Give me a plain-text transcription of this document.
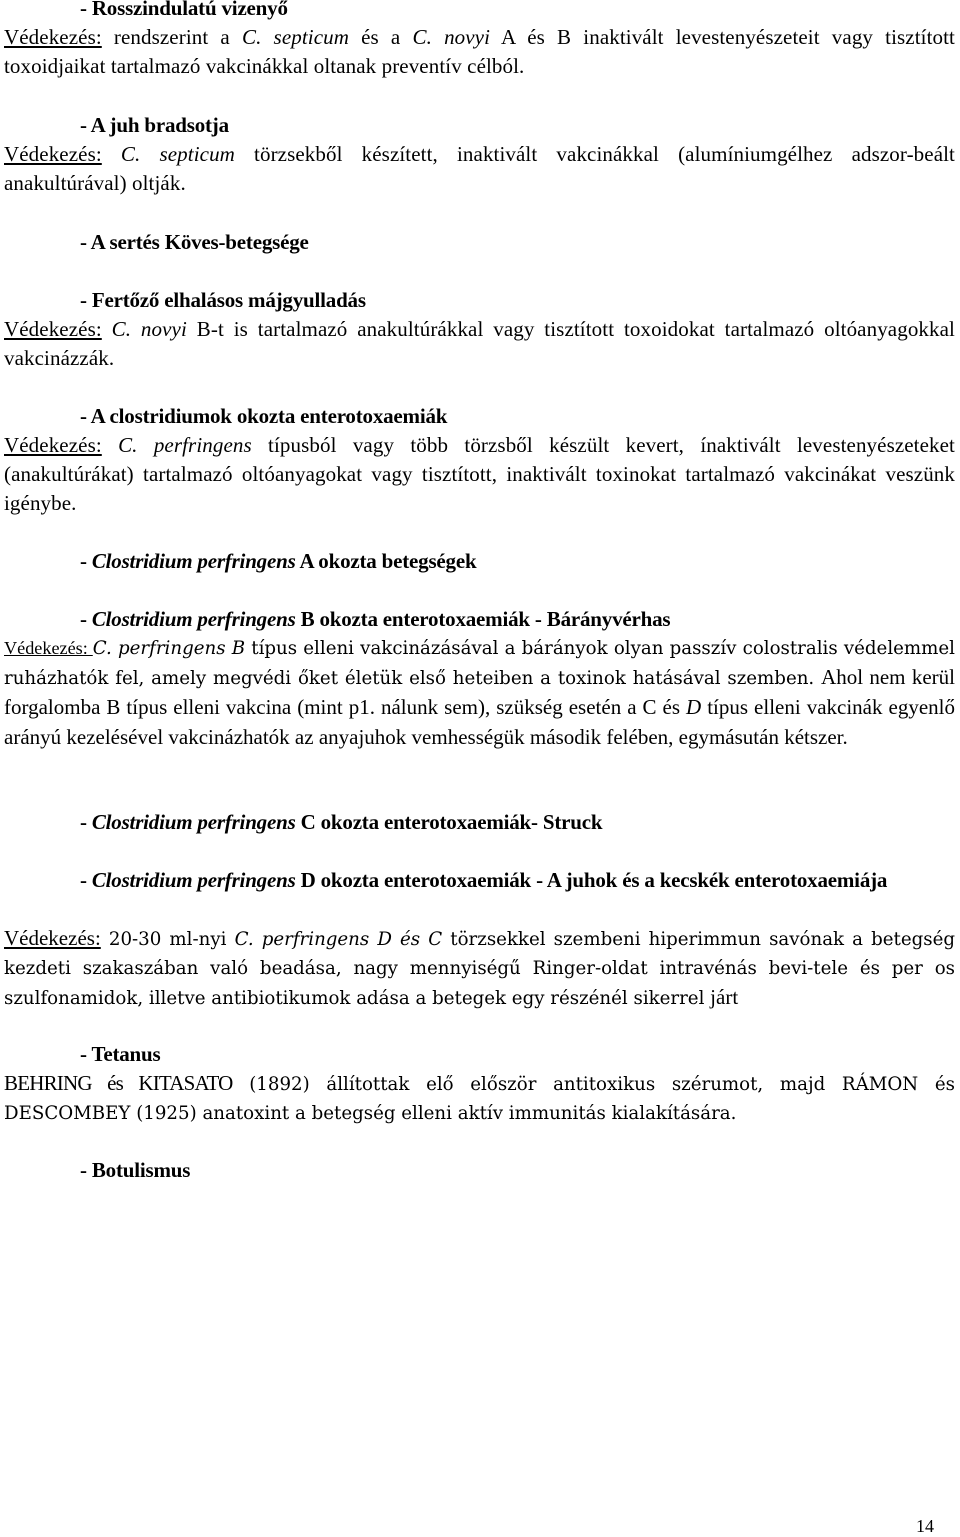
- Rosszindulatú vizenyő

Védekezés: rendszerint a C. septicum és a C. novyi A és B inaktivált levestenyészeteit vagy tisztított toxoidjaikat tartalmazó vakcinákkal oltanak preventív célból.

- A juh bradsotja

Védekezés: C. septicum törzsekből készített, inaktivált vakcinákkal (alumíniumgélhez adszor-beált anakultúrával) oltják.

- A sertés Köves-betegsége
- Fertőző elhalásos májgyulladás

Védekezés: C. novyi B-t is tartalmazó anakultúrákkal vagy tisztított toxoidokat tartalmazó oltóanyagokkal vakcinázzák.

- A clostridiumok okozta enterotoxaemiák

Védekezés: C. perfringens típusból vagy több törzsből készült kevert, ínaktivált levestenyészeteket (anakultúrákat) tartalmazó oltóanyagokat vagy tisztított, inaktivált toxinokat tartalmazó vakcinákat veszünk igénybe.

- Clostridium perfringens A okozta betegségek
- Clostridium perfringens B okozta enterotoxaemiák - Bárányvérhas

Védekezés: C. perfringens B típus elleni vakcinázásával a bárányok olyan passzív colostralis védelemmel ruházhatók fel, amely megvédi őket életük első heteiben a toxinok hatásával szemben. Ahol nem kerül forgalomba B típus elleni vakcina (mint p1. nálunk sem), szükség esetén a C és D típus elleni vakcinák egyenlő arányú kezelésével vakcinázhatók az anyajuhok vemhességük második felében, egymásután kétszer.

- Clostridium perfringens C okozta enterotoxaemiák- Struck
- Clostridium perfringens D okozta enterotoxaemiák - A juhok és a kecskék enterotoxaemiája

Védekezés: 20-30 ml-nyi C. perfringens D és C törzsekkel szembeni hiperimmun savónak a betegség kezdeti szakaszában való beadása, nagy mennyiségű Ringer-oldat intravénás bevi-tele és per os szulfonamidok, illetve antibiotikumok adása a betegek egy részénél sikerrel járt

- Tetanus

BEHRING és KITASATO (1892) állítottak elő először antitoxikus szérumot, majd RÁMON és DESCOMBEY (1925) anatoxint a betegség elleni aktív immunitás kialakítására.

- Botulismus

14
